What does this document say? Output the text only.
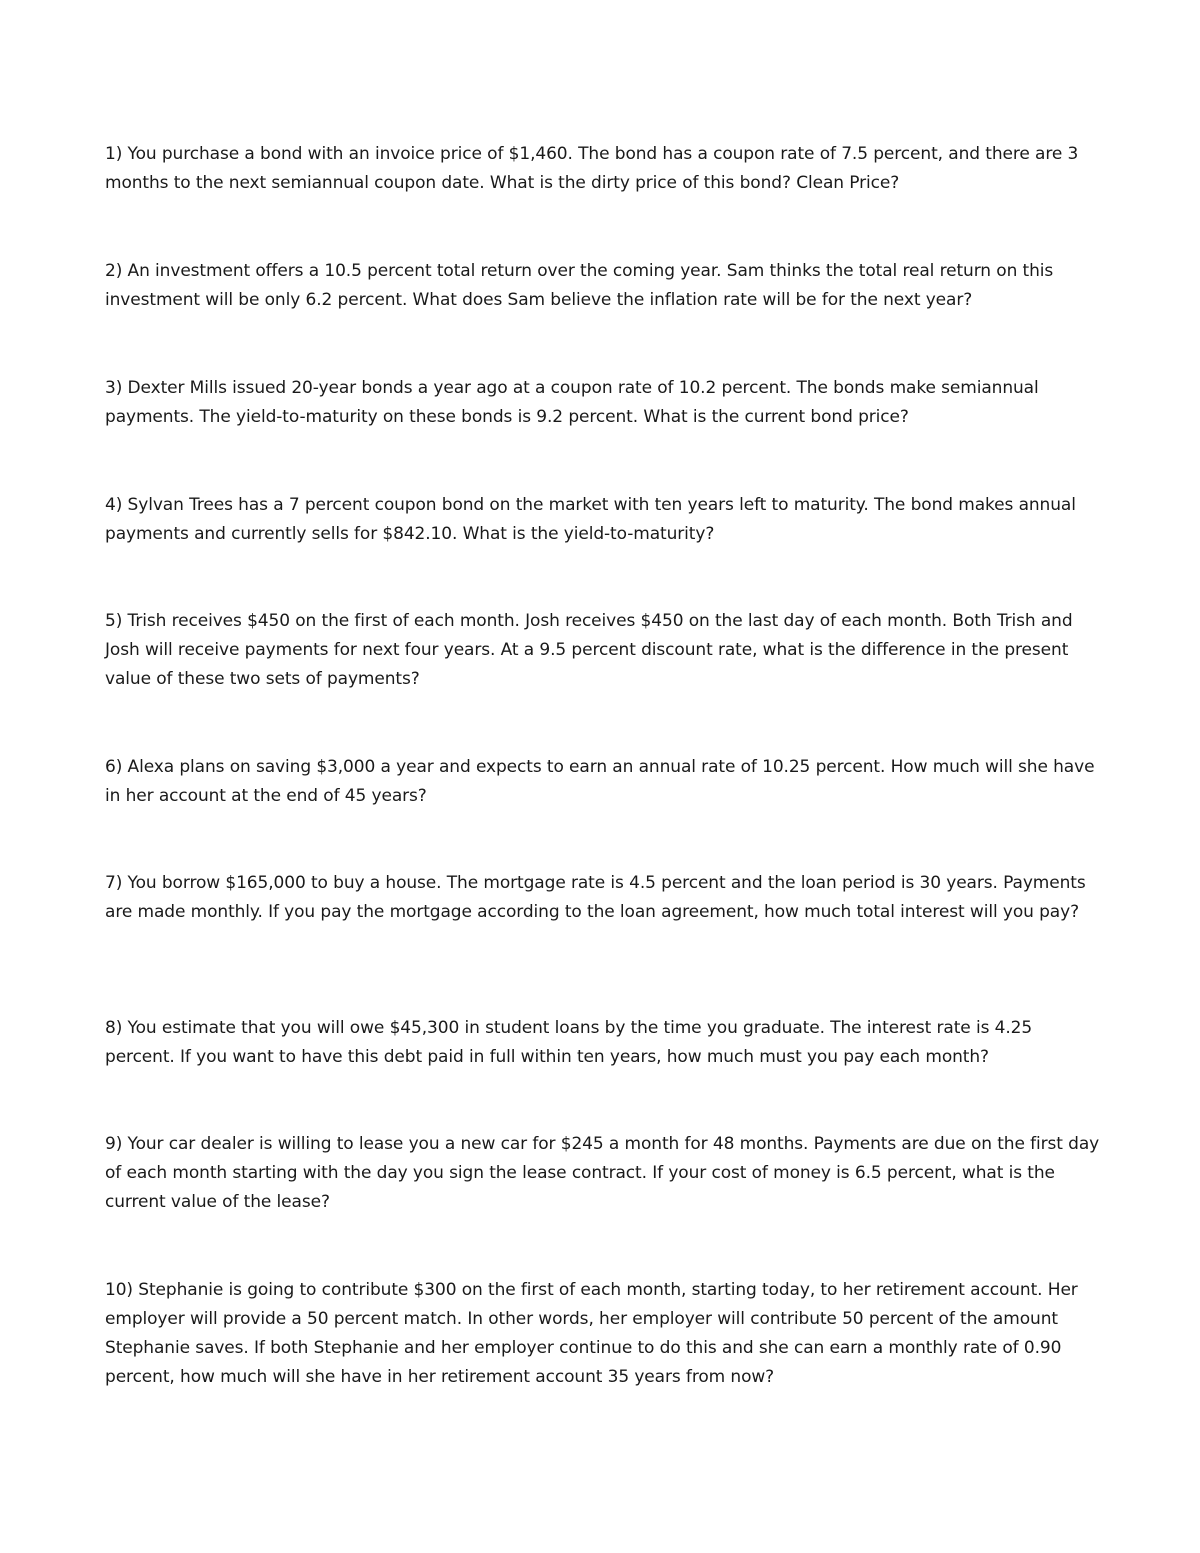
1) You purchase a bond with an invoice price of $1,460. The bond has a coupon rate of 7.5 percent, and there are 3 months to the next semiannual coupon date. What is the dirty price of this bond? Clean Price?

2) An investment offers a 10.5 percent total return over the coming year. Sam thinks the total real return on this investment will be only 6.2 percent. What does Sam believe the inflation rate will be for the next year?

3) Dexter Mills issued 20-year bonds a year ago at a coupon rate of 10.2 percent. The bonds make semiannual payments. The yield-to-maturity on these bonds is 9.2 percent. What is the current bond price?

4) Sylvan Trees has a 7 percent coupon bond on the market with ten years left to maturity. The bond makes annual payments and currently sells for $842.10. What is the yield-to-maturity?

5) Trish receives $450 on the first of each month. Josh receives $450 on the last day of each month. Both Trish and Josh will receive payments for next four years. At a 9.5 percent discount rate, what is the difference in the present value of these two sets of payments?

6) Alexa plans on saving $3,000 a year and expects to earn an annual rate of 10.25 percent. How much will she have in her account at the end of 45 years?

7) You borrow $165,000 to buy a house. The mortgage rate is 4.5 percent and the loan period is 30 years. Payments are made monthly. If you pay the mortgage according to the loan agreement, how much total interest will you pay?

8) You estimate that you will owe $45,300 in student loans by the time you graduate. The interest rate is 4.25 percent. If you want to have this debt paid in full within ten years, how much must you pay each month?

9) Your car dealer is willing to lease you a new car for $245 a month for 48 months. Payments are due on the first day of each month starting with the day you sign the lease contract. If your cost of money is 6.5 percent, what is the current value of the lease?

10) Stephanie is going to contribute $300 on the first of each month, starting today, to her retirement account. Her employer will provide a 50 percent match. In other words, her employer will contribute 50 percent of the amount Stephanie saves. If both Stephanie and her employer continue to do this and she can earn a monthly rate of 0.90 percent, how much will she have in her retirement account 35 years from now?
